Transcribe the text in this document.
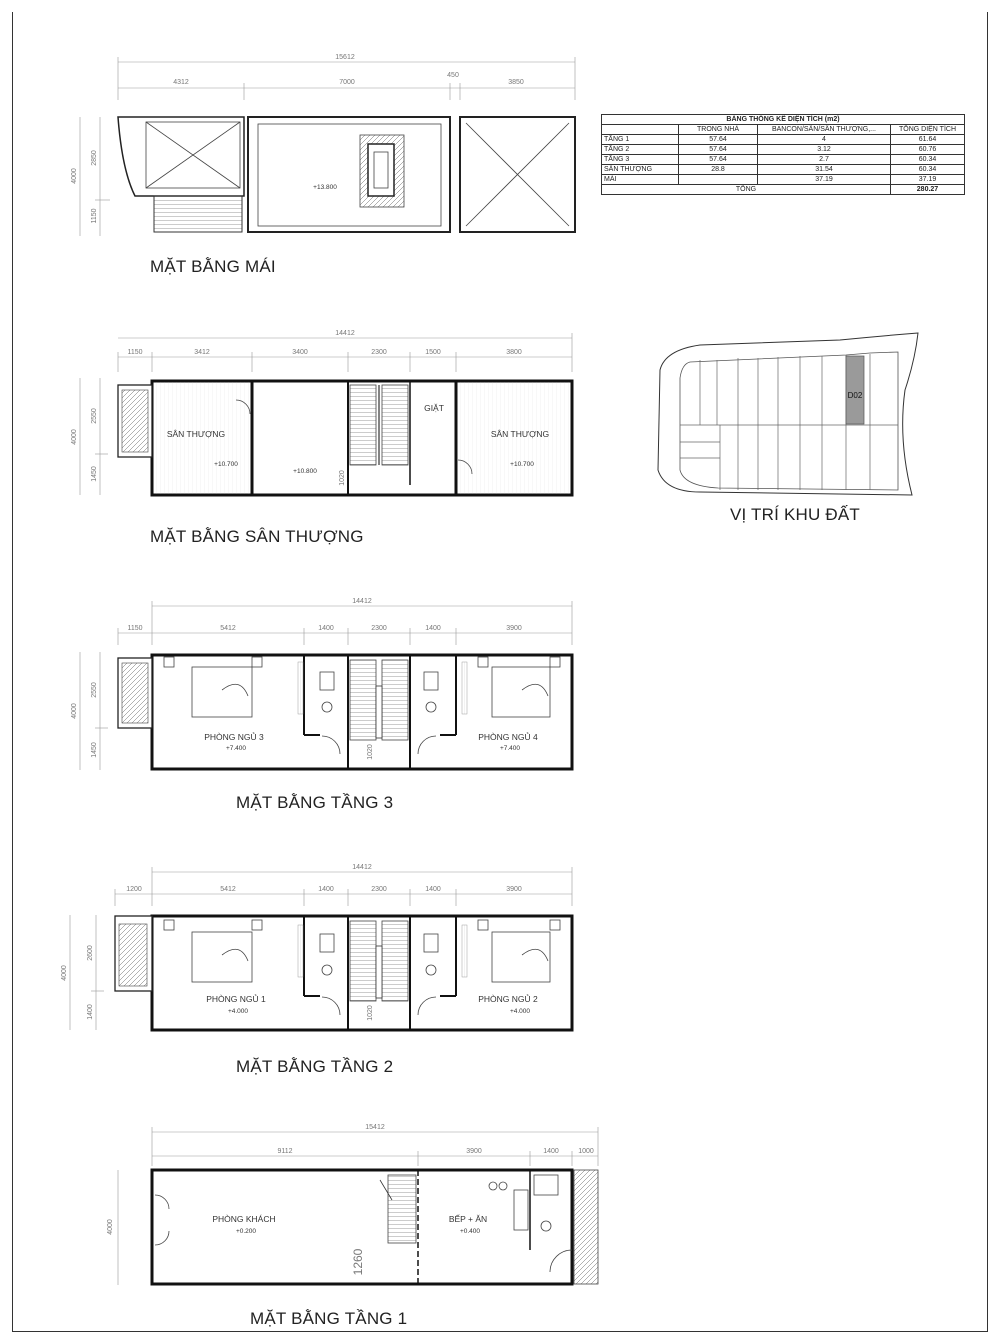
BẢNG THỐNG KÊ DIỆN TÍCH (m2)			
	TRONG NHÀ	BANCON/SÂN/SÂN THƯỢNG,...	TỔNG DIỆN TÍCH
TẦNG 1	57.64	4	61.64
TẦNG 2	57.64	3.12	60.76
TẦNG 3	57.64	2.7	60.34
SÂN THƯỢNG	28.8	31.54	60.34
MÁI		37.19	37.19
TỔNG			280.27
15612
4312	7000
450
3850
4000
2850
1150
+13.800
MẶT BẰNG MÁI
14412
1150	3412	3400	2300	1500	3800
4000
2550
1450
SÂN THƯỢNG
+10.700
+10.800
GIẶT
SÂN THƯỢNG
+10.700
1020
MẶT BẰNG SÂN THƯỢNG
D02
VỊ TRÍ KHU ĐẤT
14412
1150	5412	1400	2300	1400	3900
4000
2550
1450
PHÒNG NGỦ 3
+7.400
PHÒNG NGỦ 4
+7.400
1020
MẶT BẰNG TẦNG 3
14412
1200	5412	1400	2300	1400	3900
4000
2600
1400
PHÒNG NGỦ 1
+4.000
PHÒNG NGỦ 2
+4.000
1020
MẶT BẰNG TẦNG 2
15412
9112	3900	1400	1000
4000
PHÒNG KHÁCH
+0.200
BẾP + ĂN
+0.400
1260
MẶT BẰNG TẦNG 1
